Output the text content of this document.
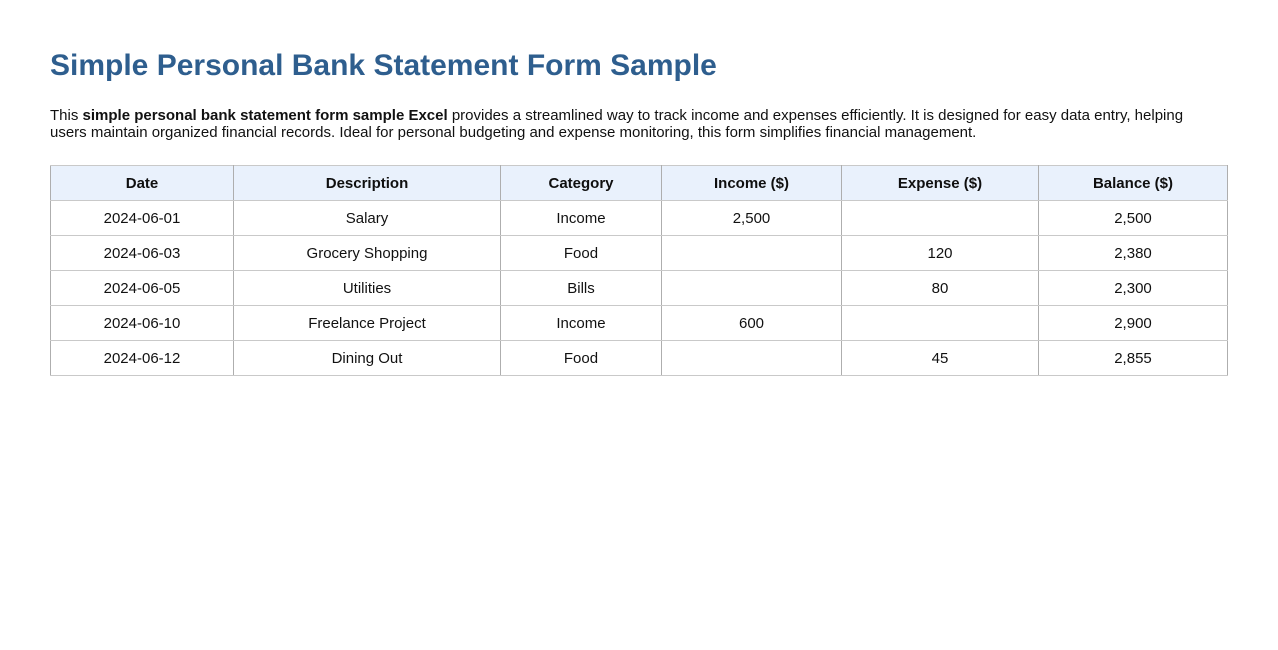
Simple Personal Bank Statement Form Sample

This simple personal bank statement form sample Excel provides a streamlined way to track income and expenses efficiently. It is designed for easy data entry, helping users maintain organized financial records. Ideal for personal budgeting and expense monitoring, this form simplifies financial management.

Date	Description	Category	Income ($)	Expense ($)	Balance ($)
2024-06-01	Salary	Income	2,500		2,500
2024-06-03	Grocery Shopping	Food		120	2,380
2024-06-05	Utilities	Bills		80	2,300
2024-06-10	Freelance Project	Income	600		2,900
2024-06-12	Dining Out	Food		45	2,855
